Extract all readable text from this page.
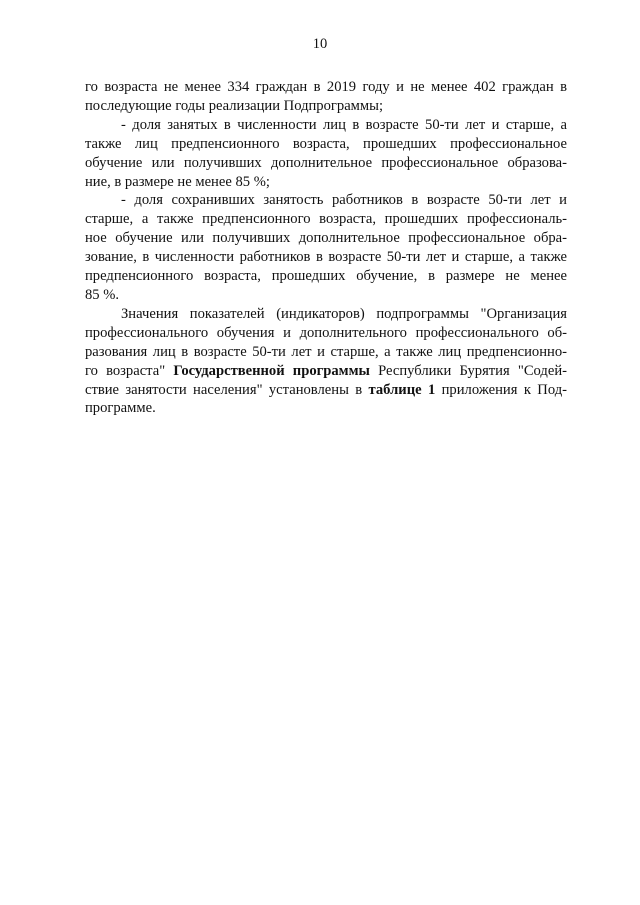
10
го возраста не менее 334 граждан в 2019 году и не менее 402 граждан в
последующие годы реализации Подпрограммы;
- доля занятых в численности лиц в возрасте 50-ти лет и старше, а
также лиц предпенсионного возраста, прошедших профессиональное
обучение или получивших дополнительное профессиональное образова-
ние, в размере не менее 85 %;
- доля сохранивших занятость работников в возрасте 50-ти лет и
старше, а также предпенсионного возраста, прошедших профессиональ-
ное обучение или получивших дополнительное профессиональное обра-
зование, в численности работников в возрасте 50-ти лет и старше, а также
предпенсионного возраста, прошедших обучение, в размере не менее
85 %.
Значения показателей (индикаторов) подпрограммы "Организация
профессионального обучения и дополнительного профессионального об-
разования лиц в возрасте 50-ти лет и старше, а также лиц предпенсионно-
го возраста" Государственной программы Республики Бурятия "Содей-
ствие занятости населения" установлены в таблице 1 приложения к Под-
программе.
